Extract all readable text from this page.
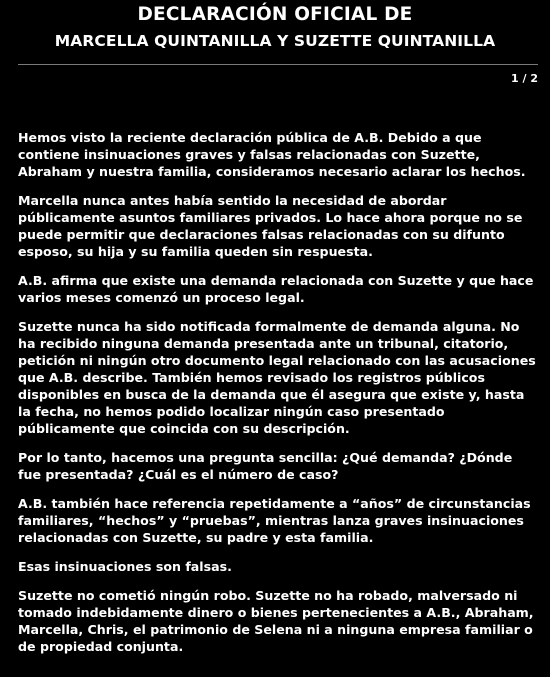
DECLARACIÓN OFICIAL DE
MARCELLA QUINTANILLA Y SUZETTE QUINTANILLA
1 / 2

Hemos visto la reciente declaración pública de A.B. Debido a que contiene insinuaciones graves y falsas relacionadas con Suzette, Abraham y nuestra familia, consideramos necesario aclarar los hechos.

Marcella nunca antes había sentido la necesidad de abordar públicamente asuntos familiares privados. Lo hace ahora porque no se puede permitir que declaraciones falsas relacionadas con su difunto esposo, su hija y su familia queden sin respuesta.

A.B. afirma que existe una demanda relacionada con Suzette y que hace varios meses comenzó un proceso legal.

Suzette nunca ha sido notificada formalmente de demanda alguna. No ha recibido ninguna demanda presentada ante un tribunal, citatorio, petición ni ningún otro documento legal relacionado con las acusaciones que A.B. describe. También hemos revisado los registros públicos disponibles en busca de la demanda que él asegura que existe y, hasta la fecha, no hemos podido localizar ningún caso presentado públicamente que coincida con su descripción.

Por lo tanto, hacemos una pregunta sencilla: ¿Qué demanda? ¿Dónde fue presentada? ¿Cuál es el número de caso?

A.B. también hace referencia repetidamente a “años” de circunstancias familiares, “hechos” y “pruebas”, mientras lanza graves insinuaciones relacionadas con Suzette, su padre y esta familia.

Esas insinuaciones son falsas.

Suzette no cometió ningún robo. Suzette no ha robado, malversado ni tomado indebidamente dinero o bienes pertenecientes a A.B., Abraham, Marcella, Chris, el patrimonio de Selena ni a ninguna empresa familiar o de propiedad conjunta.
